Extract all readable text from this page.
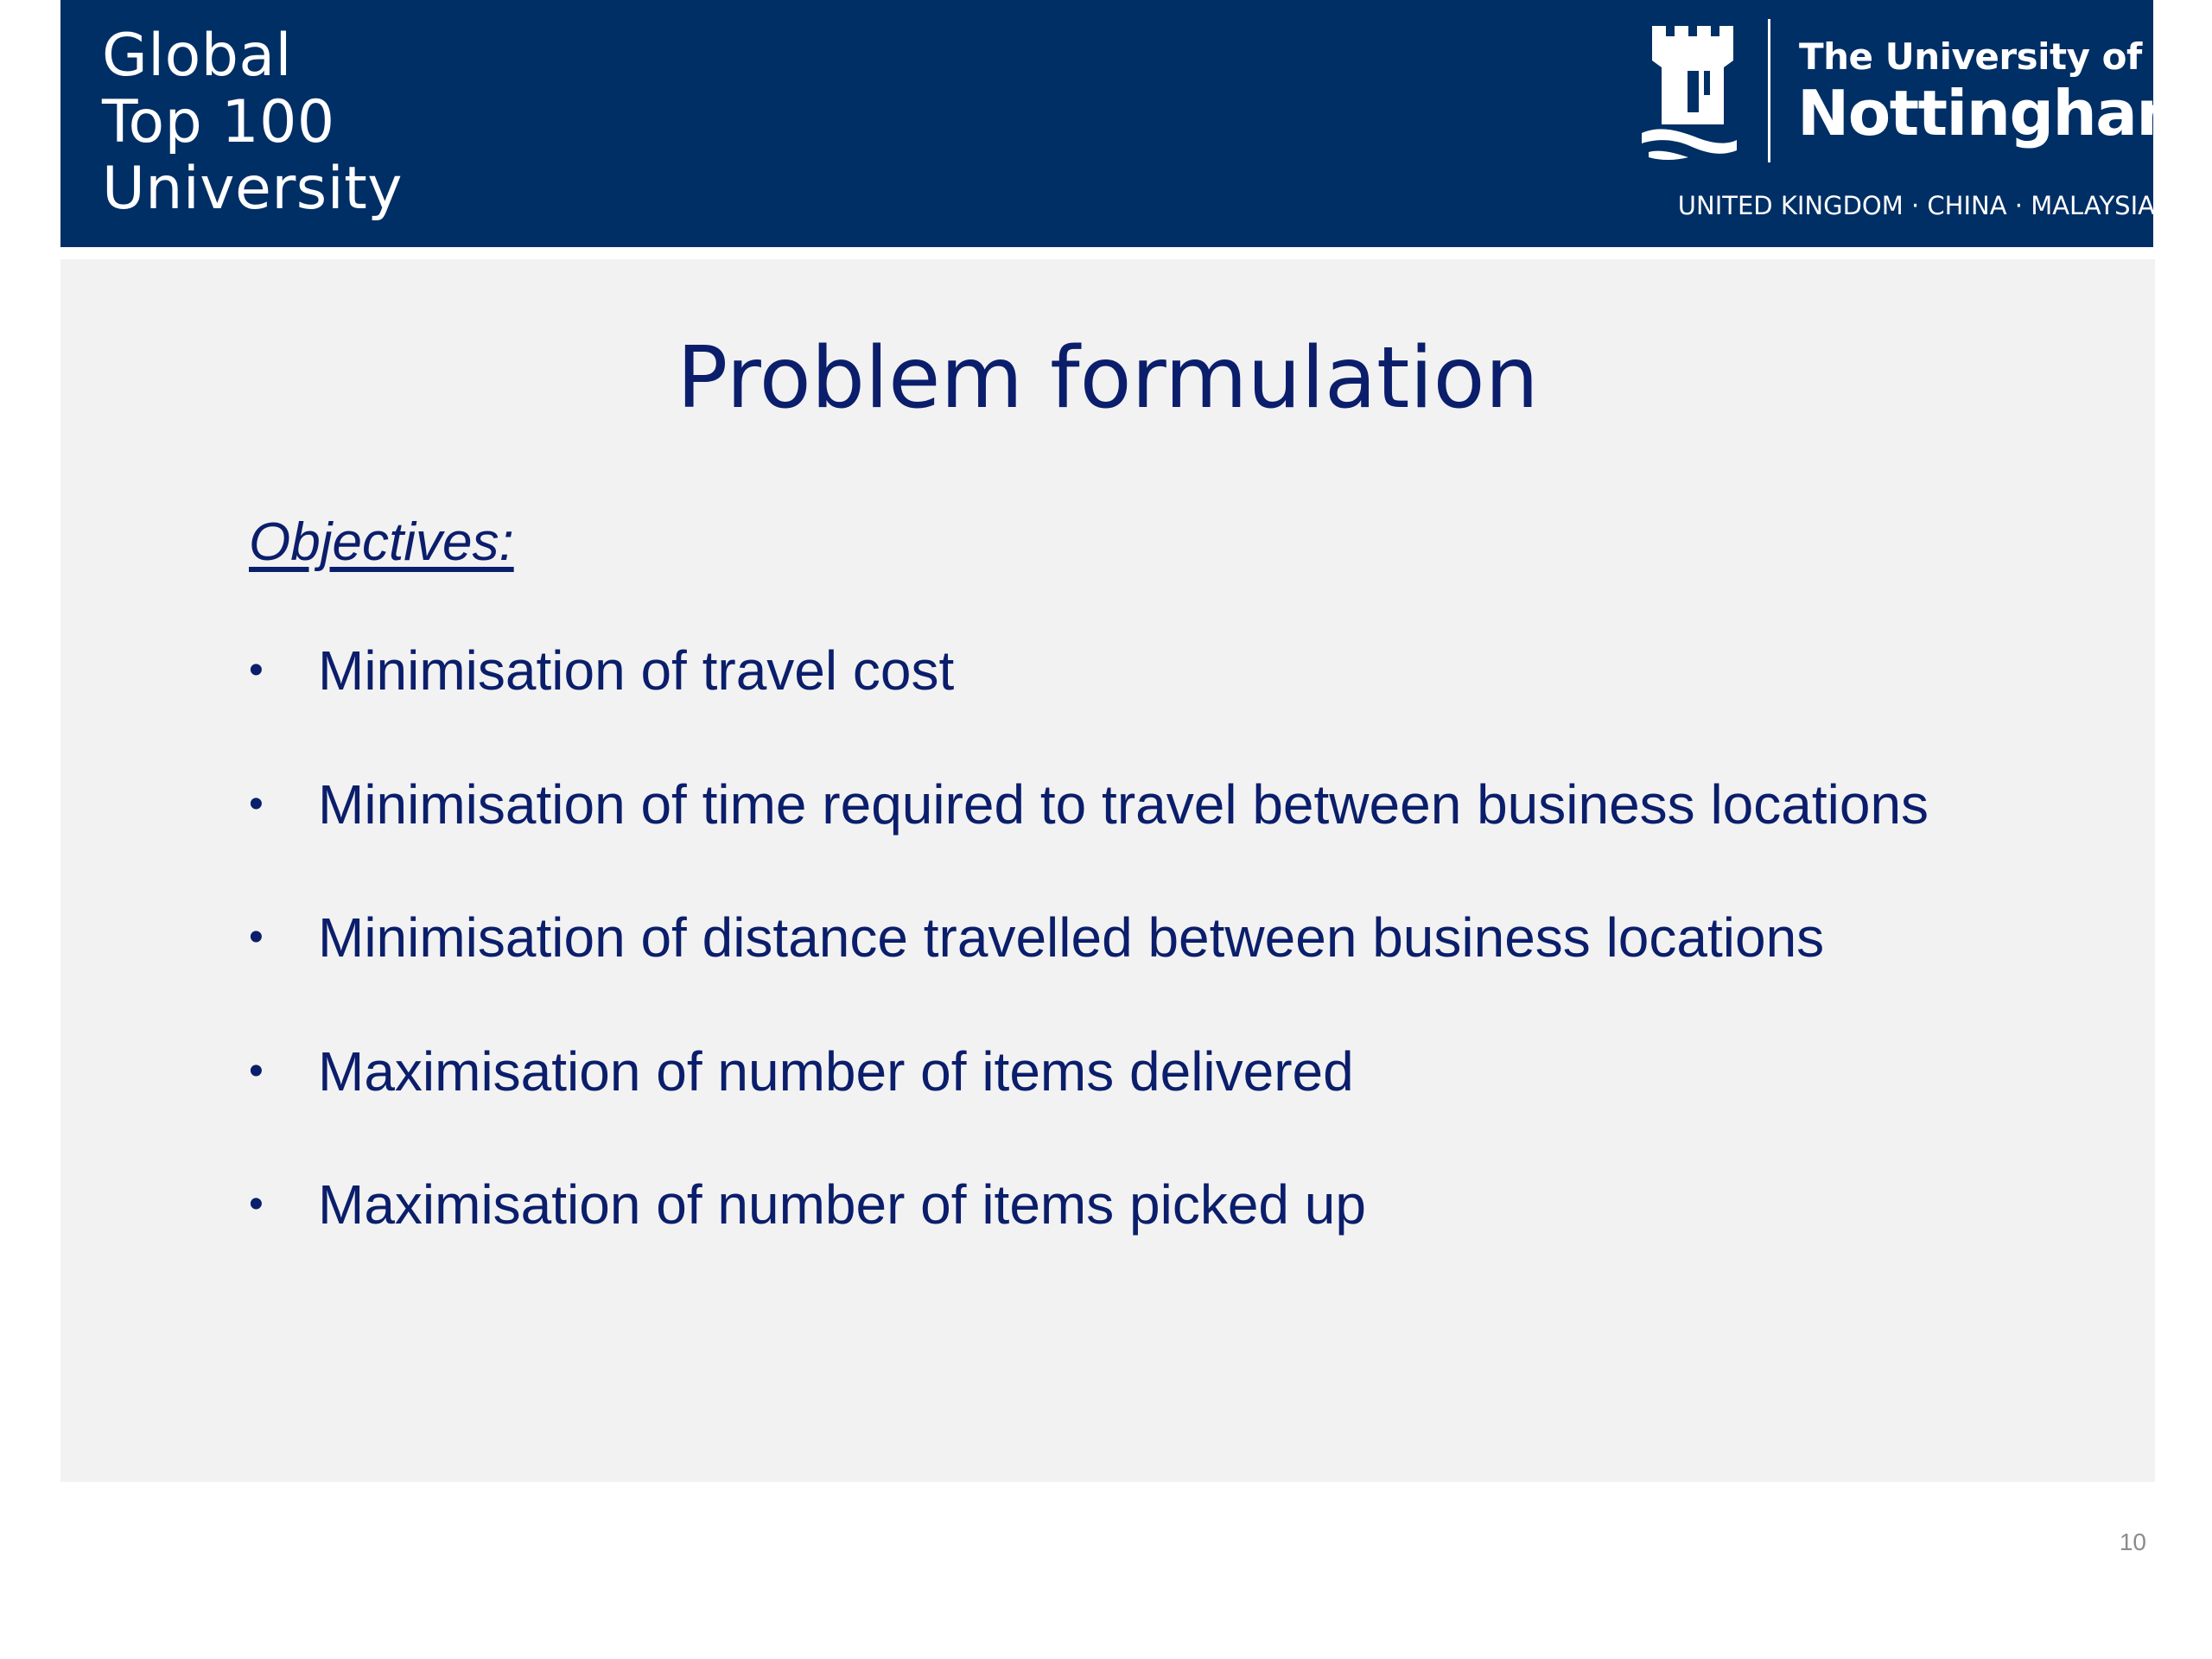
Global
Top 100
University
The University of
Nottingham
UNITED KINGDOM · CHINA · MALAYSIA
Problem formulation
Objectives:
• Minimisation of travel cost
• Minimisation of time required to travel between business locations
• Minimisation of distance travelled between business locations
• Maximisation of number of items delivered
• Maximisation of number of items picked up
10
